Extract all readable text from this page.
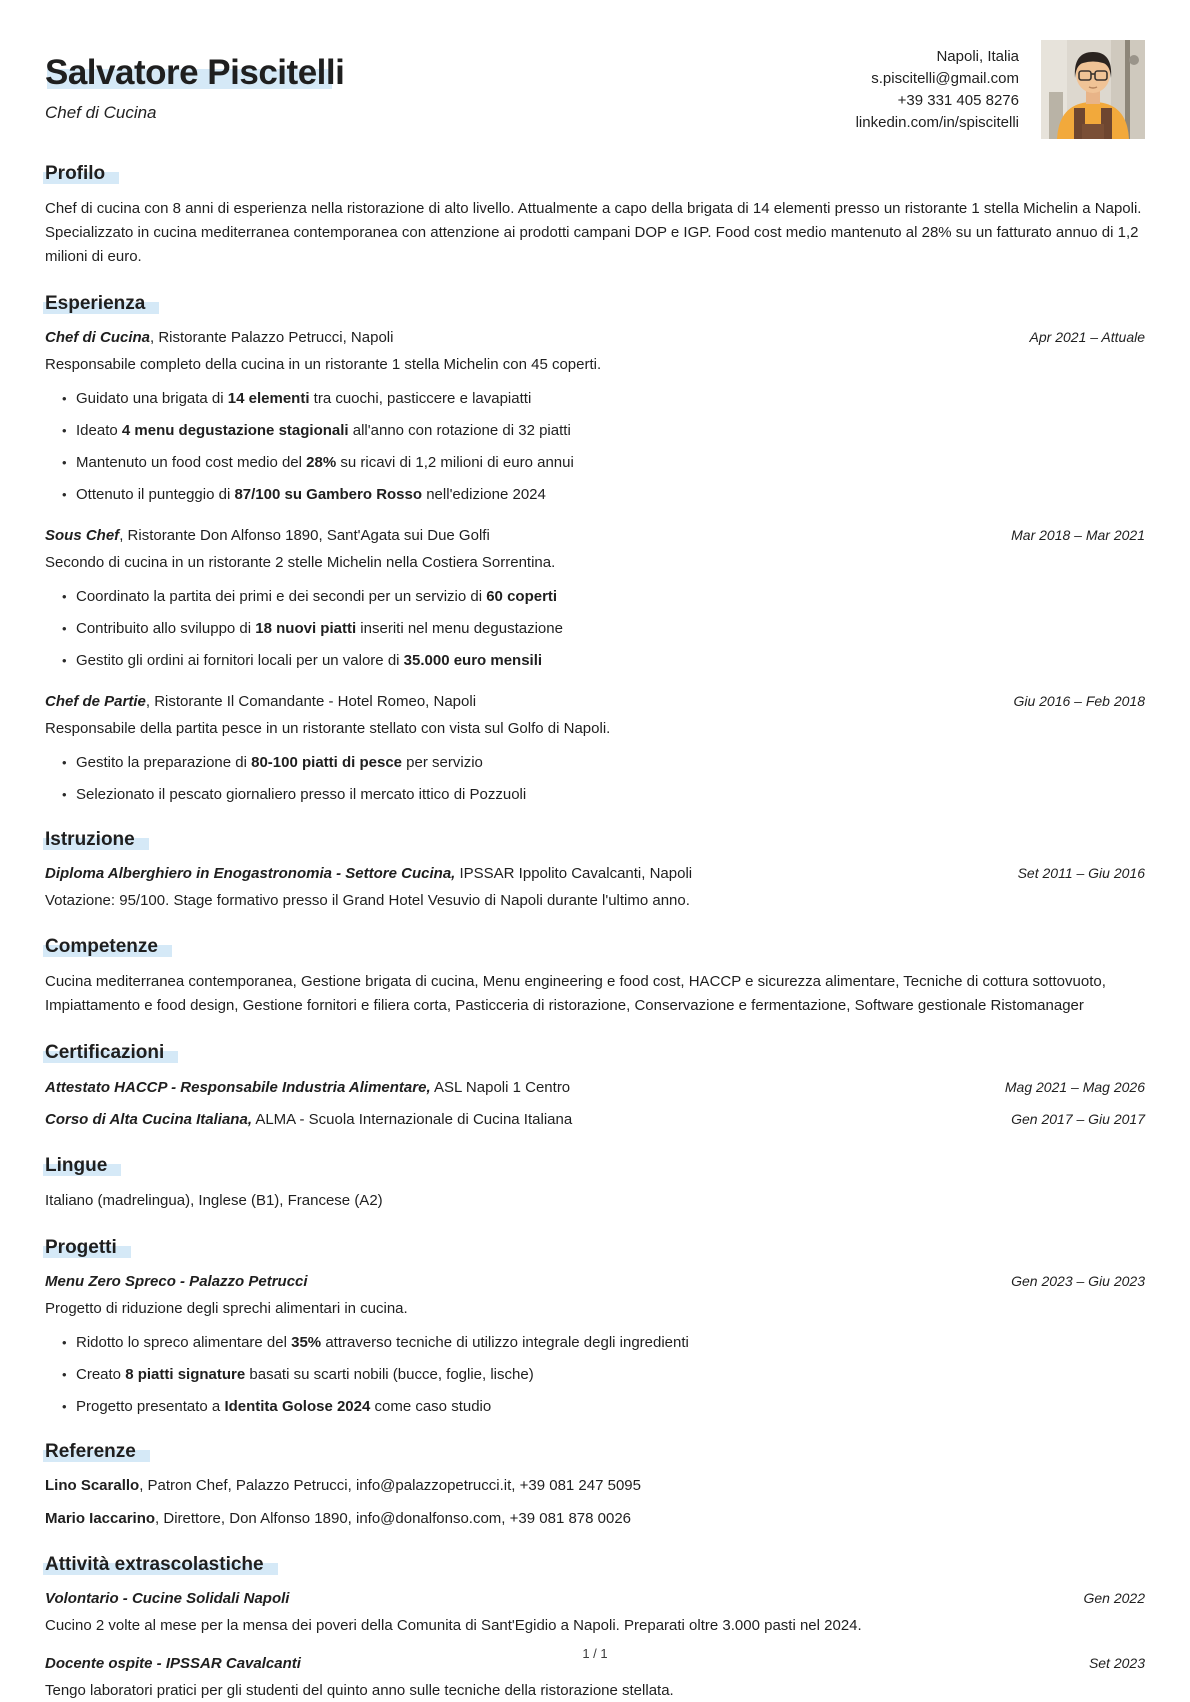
Salvatore Piscitelli
Chef di Cucina
Napoli, Italia
s.piscitelli@gmail.com
+39 331 405 8276
linkedin.com/in/spiscitelli
Profilo

Chef di cucina con 8 anni di esperienza nella ristorazione di alto livello. Attualmente a capo della brigata di 14 elementi presso un ristorante 1 stella Michelin a Napoli. Specializzato in cucina mediterranea contemporanea con attenzione ai prodotti campani DOP e IGP. Food cost medio mantenuto al 28% su un fatturato annuo di 1,2 milioni di euro.

Esperienza
Chef di Cucina, Ristorante Palazzo Petrucci, Napoli	Apr 2021 – Attuale

Responsabile completo della cucina in un ristorante 1 stella Michelin con 45 coperti.

• Guidato una brigata di 14 elementi tra cuochi, pasticcere e lavapiatti
• Ideato 4 menu degustazione stagionali all'anno con rotazione di 32 piatti
• Mantenuto un food cost medio del 28% su ricavi di 1,2 milioni di euro annui
• Ottenuto il punteggio di 87/100 su Gambero Rosso nell'edizione 2024
Sous Chef, Ristorante Don Alfonso 1890, Sant'Agata sui Due Golfi	Mar 2018 – Mar 2021

Secondo di cucina in un ristorante 2 stelle Michelin nella Costiera Sorrentina.

• Coordinato la partita dei primi e dei secondi per un servizio di 60 coperti
• Contribuito allo sviluppo di 18 nuovi piatti inseriti nel menu degustazione
• Gestito gli ordini ai fornitori locali per un valore di 35.000 euro mensili
Chef de Partie, Ristorante Il Comandante - Hotel Romeo, Napoli	Giu 2016 – Feb 2018

Responsabile della partita pesce in un ristorante stellato con vista sul Golfo di Napoli.

• Gestito la preparazione di 80-100 piatti di pesce per servizio
• Selezionato il pescato giornaliero presso il mercato ittico di Pozzuoli
Istruzione
Diploma Alberghiero in Enogastronomia - Settore Cucina, IPSSAR Ippolito Cavalcanti, Napoli	Set 2011 – Giu 2016

Votazione: 95/100. Stage formativo presso il Grand Hotel Vesuvio di Napoli durante l'ultimo anno.

Competenze

Cucina mediterranea contemporanea, Gestione brigata di cucina, Menu engineering e food cost, HACCP e sicurezza alimentare, Tecniche di cottura sottovuoto, Impiattamento e food design, Gestione fornitori e filiera corta, Pasticceria di ristorazione, Conservazione e fermentazione, Software gestionale Ristomanager

Certificazioni
Attestato HACCP - Responsabile Industria Alimentare, ASL Napoli 1 Centro	Mag 2021 – Mag 2026
Corso di Alta Cucina Italiana, ALMA - Scuola Internazionale di Cucina Italiana	Gen 2017 – Giu 2017
Lingue

Italiano (madrelingua), Inglese (B1), Francese (A2)

Progetti
Menu Zero Spreco - Palazzo Petrucci	Gen 2023 – Giu 2023

Progetto di riduzione degli sprechi alimentari in cucina.

• Ridotto lo spreco alimentare del 35% attraverso tecniche di utilizzo integrale degli ingredienti
• Creato 8 piatti signature basati su scarti nobili (bucce, foglie, lische)
• Progetto presentato a Identita Golose 2024 come caso studio
Referenze
Lino Scarallo, Patron Chef, Palazzo Petrucci, info@palazzopetrucci.it, +39 081 247 5095
Mario Iaccarino, Direttore, Don Alfonso 1890, info@donalfonso.com, +39 081 878 0026
Attività extrascolastiche
Volontario - Cucine Solidali Napoli	Gen 2022

Cucino 2 volte al mese per la mensa dei poveri della Comunita di Sant'Egidio a Napoli. Preparati oltre 3.000 pasti nel 2024.

Docente ospite - IPSSAR Cavalcanti	Set 2023

Tengo laboratori pratici per gli studenti del quinto anno sulle tecniche della ristorazione stellata.

1 / 1
